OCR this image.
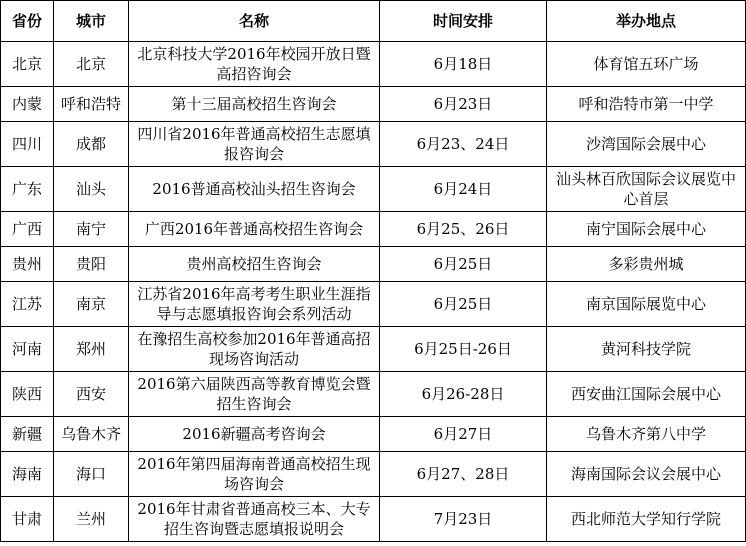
省份	城市	名称	时间安排	举办地点
北京	北京	北京科技大学2016年校园开放日暨高招咨询会	6月18日	体育馆五环广场
内蒙	呼和浩特	第十三届高校招生咨询会	6月23日	呼和浩特市第一中学
四川	成都	四川省2016年普通高校招生志愿填报咨询会	6月23、24日	沙湾国际会展中心
广东	汕头	2016普通高校汕头招生咨询会	6月24日	汕头林百欣国际会议展览中心首层
广西	南宁	广西2016年普通高校招生咨询会	6月25、26日	南宁国际会展中心
贵州	贵阳	贵州高校招生咨询会	6月25日	多彩贵州城
江苏	南京	江苏省2016年高考考生职业生涯指导与志愿填报咨询会系列活动	6月25日	南京国际展览中心
河南	郑州	在豫招生高校参加2016年普通高招现场咨询活动	6月25日-26日	黄河科技学院
陕西	西安	2016第六届陕西高等教育博览会暨招生咨询会	6月26-28日	西安曲江国际会展中心
新疆	乌鲁木齐	2016新疆高考咨询会	6月27日	乌鲁木齐第八中学
海南	海口	2016年第四届海南普通高校招生现场咨询会	6月27、28日	海南国际会议会展中心
甘肃	兰州	2016年甘肃省普通高校三本、大专招生咨询暨志愿填报说明会	7月23日	西北师范大学知行学院
